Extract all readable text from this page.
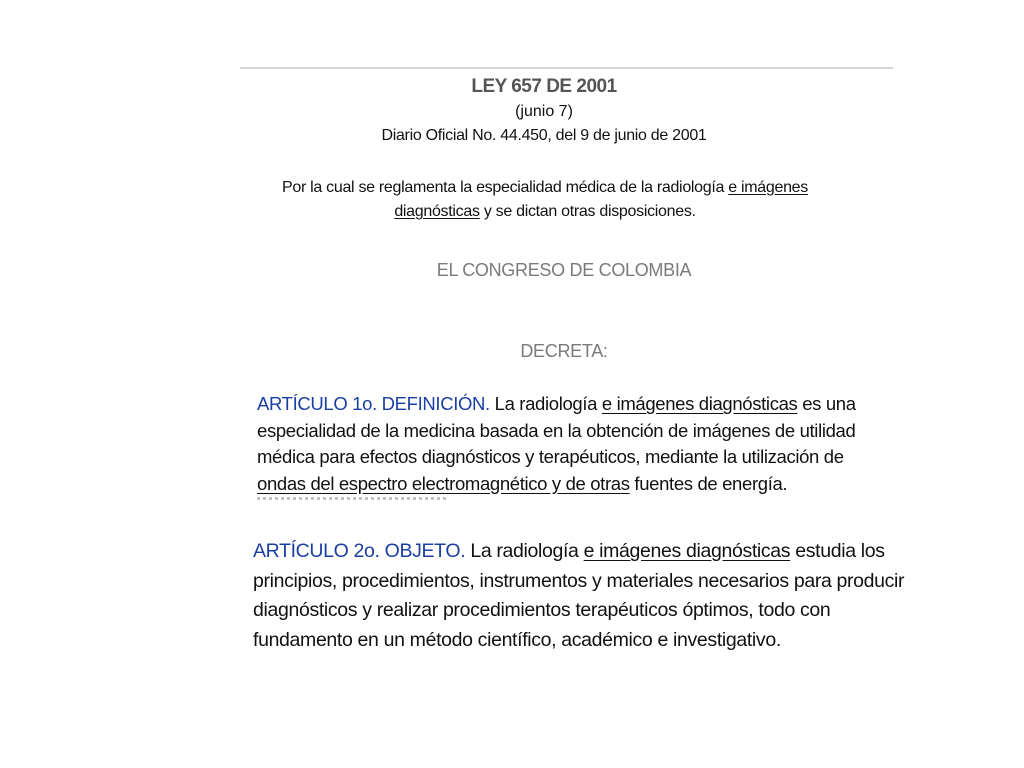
LEY 657 DE 2001
(junio 7)
Diario Oficial No. 44.450, del 9 de junio de 2001
Por la cual se reglamenta la especialidad médica de la radiología e imágenes
diagnósticas y se dictan otras disposiciones.
EL CONGRESO DE COLOMBIA
DECRETA:
ARTÍCULO 1o. DEFINICIÓN. La radiología e imágenes diagnósticas es una
especialidad de la medicina basada en la obtención de imágenes de utilidad
médica para efectos diagnósticos y terapéuticos, mediante la utilización de
ondas del espectro electromagnético y de otras fuentes de energía.
ARTÍCULO 2o. OBJETO. La radiología e imágenes diagnósticas estudia los
principios, procedimientos, instrumentos y materiales necesarios para producir
diagnósticos y realizar procedimientos terapéuticos óptimos, todo con
fundamento en un método científico, académico e investigativo.
